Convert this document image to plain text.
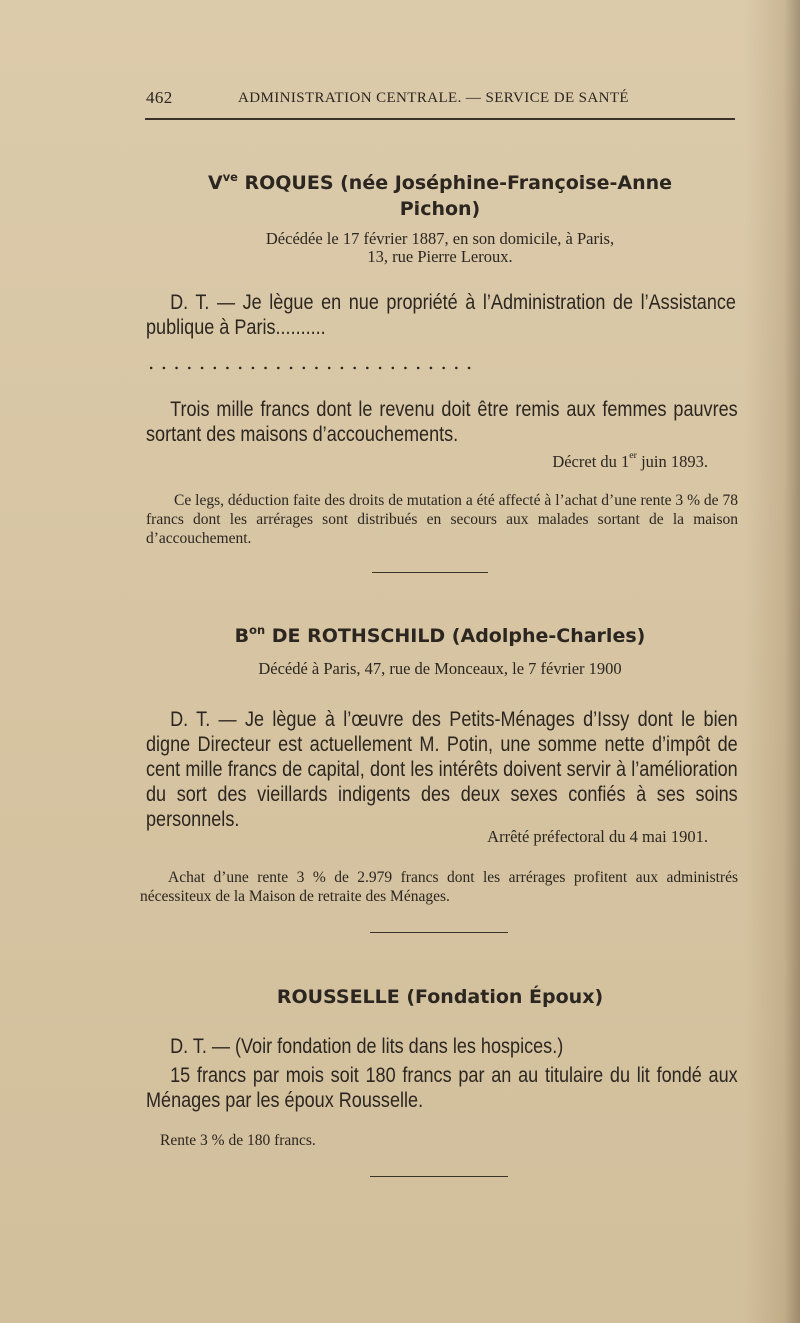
462	ADMINISTRATION CENTRALE. — SERVICE DE SANTÉ
$V^{ve}$ ROQUES (née Joséphine-Françoise-Anne
Pichon)
Décédée le 17 février 1887, en son domicile, à Paris,
13, rue Pierre Leroux.
D. T. — Je lègue en nue propriété à l’Administration de l’Assistance publique à Paris..........
. . . . . . . . . . . . . . . . . . . . . . . . . .
Trois mille francs dont le revenu doit être remis aux femmes pauvres sortant des maisons d’accouchements.
Décret du 1er juin 1893.
Ce legs, déduction faite des droits de mutation a été affecté à l’achat d’une rente 3 % de 78 francs dont les arrérages sont distribués en secours aux malades sortant de la maison d’accouchement.
$B^{on}$ DE ROTHSCHILD (Adolphe-Charles)
Décédé à Paris, 47, rue de Monceaux, le 7 février 1900
D. T. — Je lègue à l’œuvre des Petits-Ménages d’Issy dont le bien digne Directeur est actuellement M. Potin, une somme nette d’impôt de cent mille francs de capital, dont les intérêts doivent servir à l’amélioration du sort des vieillards indigents des deux sexes confiés à ses soins personnels.
Arrêté préfectoral du 4 mai 1901.
Achat d’une rente 3 % de 2.979 francs dont les arrérages profitent aux administrés nécessiteux de la Maison de retraite des Ménages.
ROUSSELLE (Fondation Époux)
D. T. — (Voir fondation de lits dans les hospices.)
15 francs par mois soit 180 francs par an au titulaire du lit fondé aux Ménages par les époux Rousselle.
Rente 3 % de 180 francs.
